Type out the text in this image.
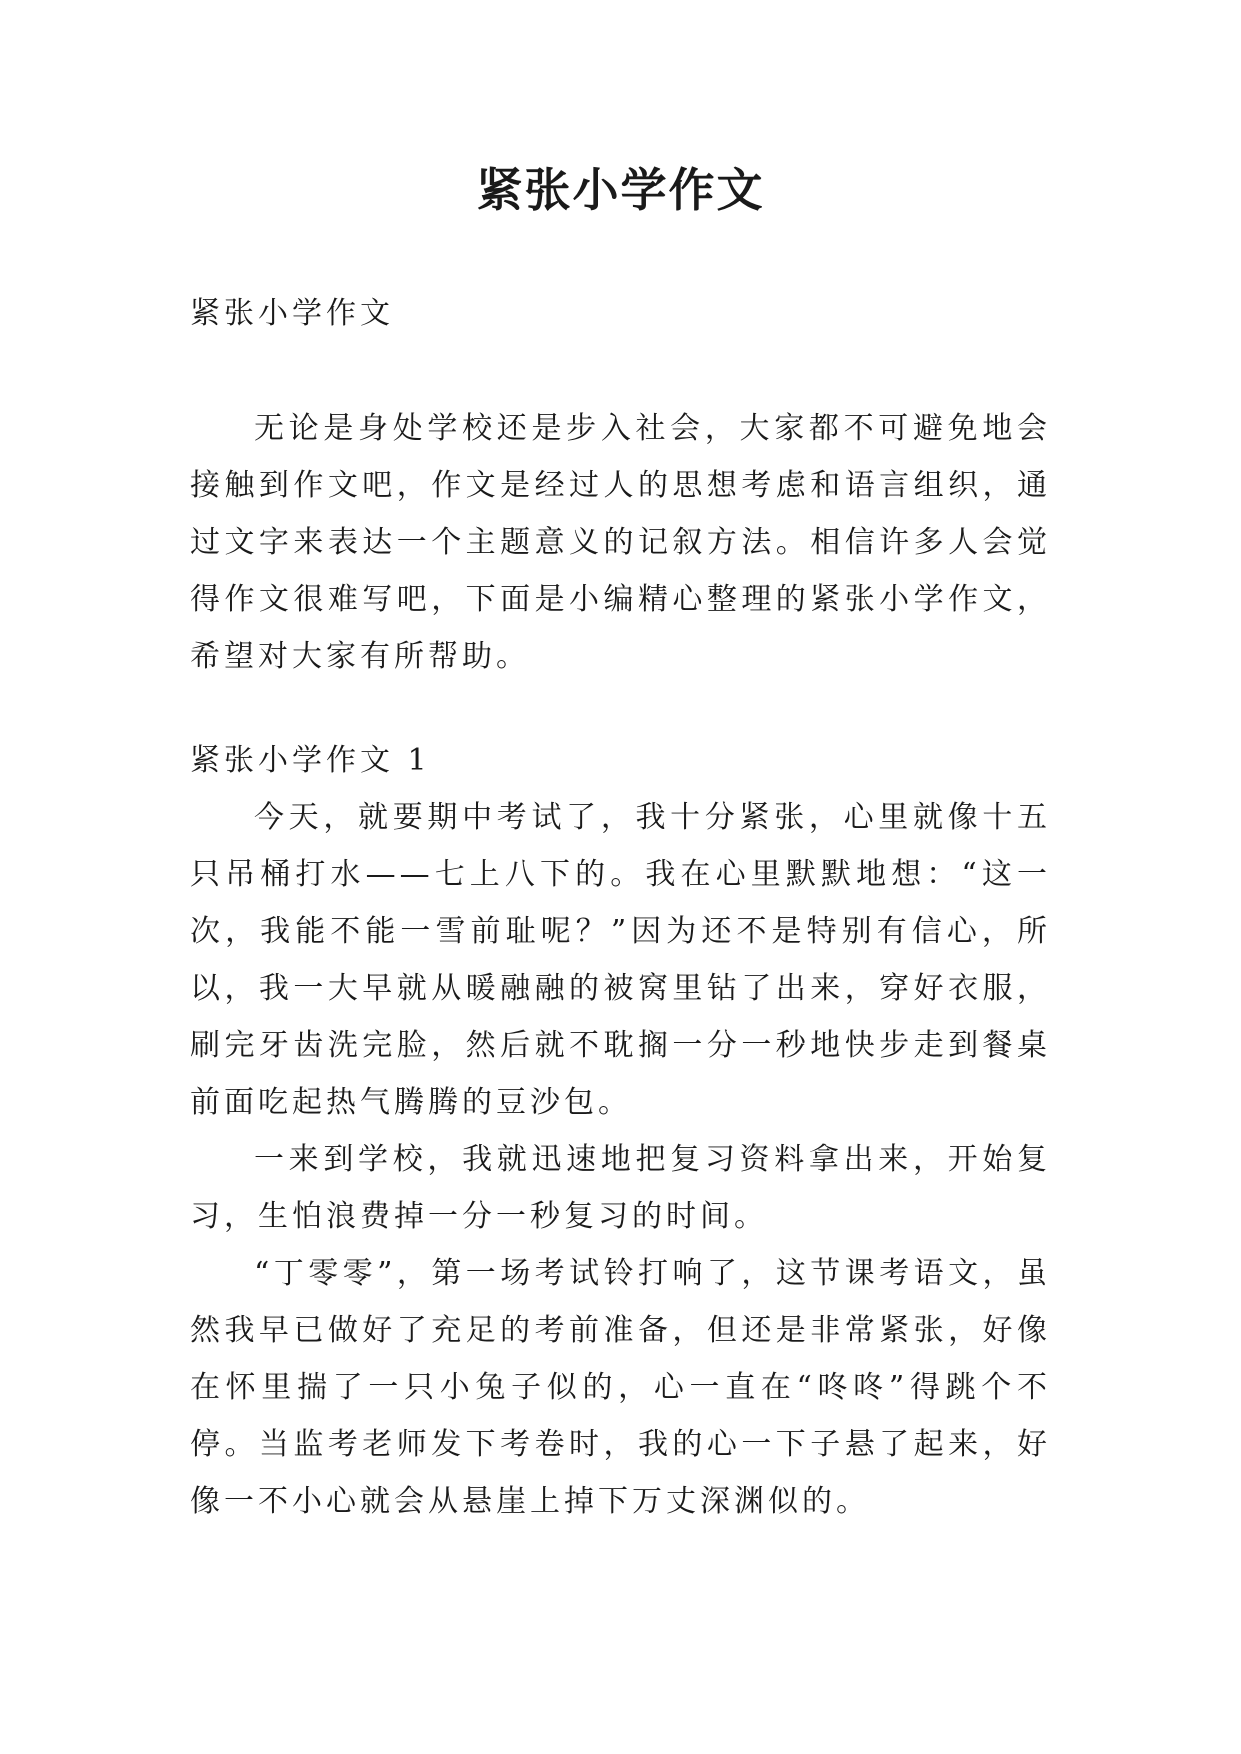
紧张小学作文
紧张小学作文

无论是身处学校还是步入社会，大家都不可避免地会接触到作文吧，作文是经过人的思想考虑和语言组织，通过文字来表达一个主题意义的记叙方法。相信许多人会觉得作文很难写吧，下面是小编精心整理的紧张小学作文，希望对大家有所帮助。

紧张小学作文 1

今天，就要期中考试了，我十分紧张，心里就像十五只吊桶打水——七上八下的。我在心里默默地想：“这一次，我能不能一雪前耻呢？”因为还不是特别有信心，所以，我一大早就从暖融融的被窝里钻了出来，穿好衣服，刷完牙齿洗完脸，然后就不耽搁一分一秒地快步走到餐桌前面吃起热气腾腾的豆沙包。

一来到学校，我就迅速地把复习资料拿出来，开始复习，生怕浪费掉一分一秒复习的时间。

“丁零零”，第一场考试铃打响了，这节课考语文，虽然我早已做好了充足的考前准备，但还是非常紧张，好像在怀里揣了一只小兔子似的，心一直在“咚咚”得跳个不停。当监考老师发下考卷时，我的心一下子悬了起来，好像一不小心就会从悬崖上掉下万丈深渊似的。
